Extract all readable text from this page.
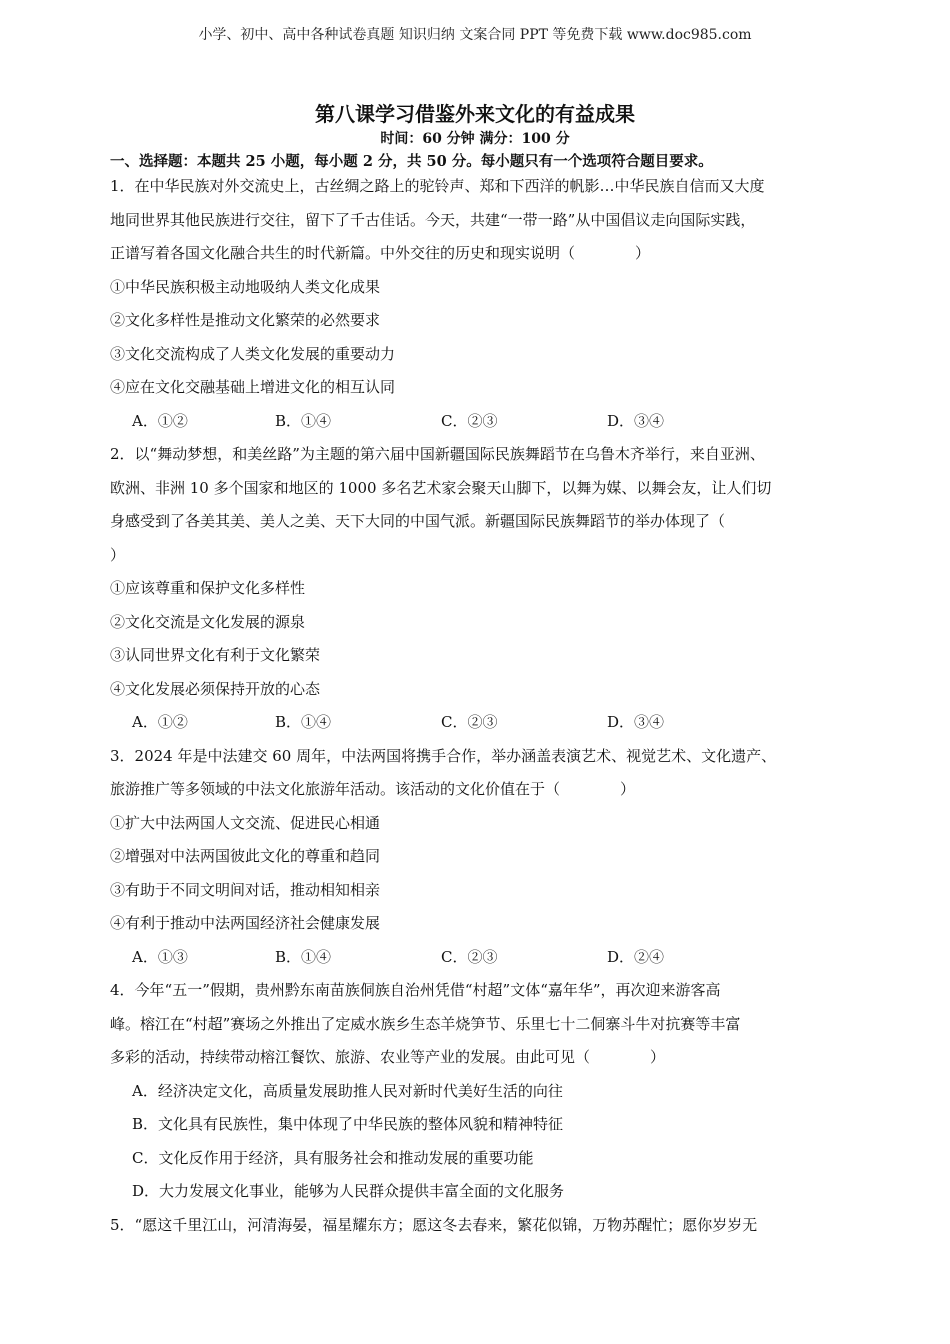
小学、初中、高中各种试卷真题 知识归纳 文案合同 PPT 等免费下载 www.doc985.com
第八课学习借鉴外来文化的有益成果
时间：60 分钟 满分：100 分
一、选择题：本题共 25 小题，每小题 2 分，共 50 分。每小题只有一个选项符合题目要求。
1．在中华民族对外交流史上，古丝绸之路上的驼铃声、郑和下西洋的帆影…中华民族自信而又大度
地同世界其他民族进行交往，留下了千古佳话。今天，共建“一带一路”从中国倡议走向国际实践，
正谱写着各国文化融合共生的时代新篇。中外交往的历史和现实说明（	）
①中华民族积极主动地吸纳人类文化成果
②文化多样性是推动文化繁荣的必然要求
③文化交流构成了人类文化发展的重要动力
④应在文化交融基础上增进文化的相互认同
A．①②	B．①④	C．②③	D．③④
2．以“舞动梦想，和美丝路”为主题的第六届中国新疆国际民族舞蹈节在乌鲁木齐举行，来自亚洲、
欧洲、非洲 10 多个国家和地区的 1000 多名艺术家会聚天山脚下，以舞为媒、以舞会友，让人们切
身感受到了各美其美、美人之美、天下大同的中国气派。新疆国际民族舞蹈节的举办体现了（
）
①应该尊重和保护文化多样性
②文化交流是文化发展的源泉
③认同世界文化有利于文化繁荣
④文化发展必须保持开放的心态
A．①②	B．①④	C．②③	D．③④
3．2024 年是中法建交 60 周年，中法两国将携手合作，举办涵盖表演艺术、视觉艺术、文化遗产、
旅游推广等多领域的中法文化旅游年活动。该活动的文化价值在于（	）
①扩大中法两国人文交流、促进民心相通
②增强对中法两国彼此文化的尊重和趋同
③有助于不同文明间对话，推动相知相亲
④有利于推动中法两国经济社会健康发展
A．①③	B．①④	C．②③	D．②④
4．今年“五一”假期，贵州黔东南苗族侗族自治州凭借“村超”文体“嘉年华”，再次迎来游客高
峰。榕江在“村超”赛场之外推出了定威水族乡生态羊烧笋节、乐里七十二侗寨斗牛对抗赛等丰富
多彩的活动，持续带动榕江餐饮、旅游、农业等产业的发展。由此可见（	）
A．经济决定文化，高质量发展助推人民对新时代美好生活的向往
B．文化具有民族性，集中体现了中华民族的整体风貌和精神特征
C．文化反作用于经济，具有服务社会和推动发展的重要功能
D．大力发展文化事业，能够为人民群众提供丰富全面的文化服务
5．“愿这千里江山，河清海晏，福星耀东方；愿这冬去春来，繁花似锦，万物苏醒忙；愿你岁岁无
